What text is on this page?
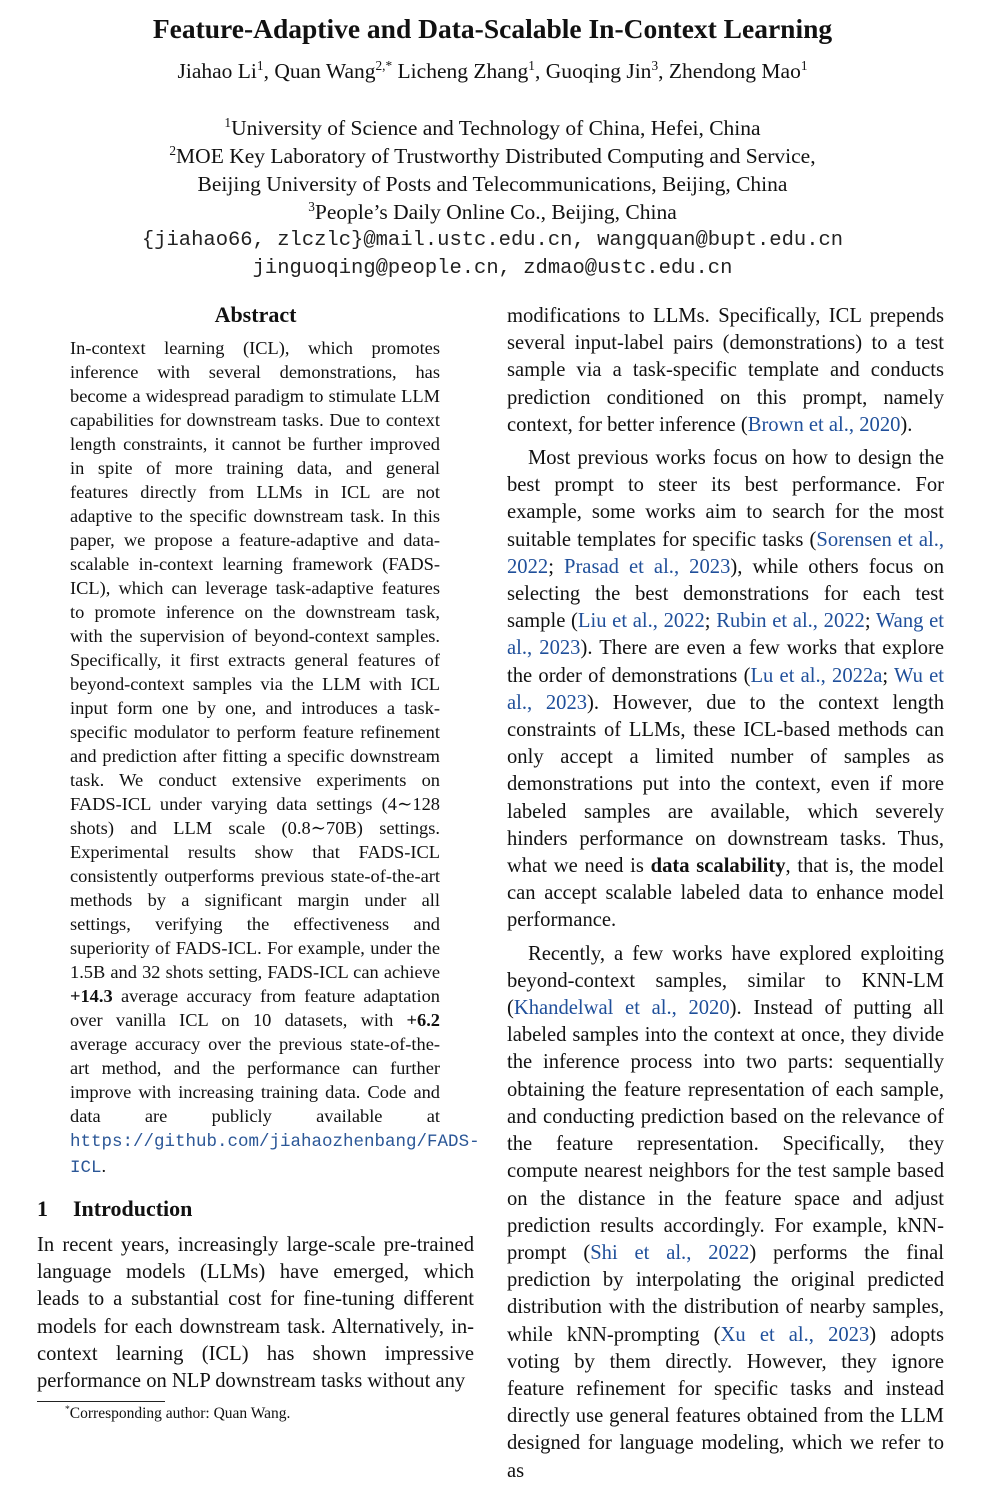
Feature-Adaptive and Data-Scalable In-Context Learning
Jiahao Li$^1$, Quan Wang$^{2,*}$ Licheng Zhang$^1$, Guoqing Jin$^3$, Zhendong Mao$^1$
$^1$University of Science and Technology of China, Hefei, China
$^2$MOE Key Laboratory of Trustworthy Distributed Computing and Service,
Beijing University of Posts and Telecommunications, Beijing, China
$^3$People’s Daily Online Co., Beijing, China
{jiahao66, zlczlc}@mail.ustc.edu.cn, wangquan@bupt.edu.cn
jinguoqing@people.cn, zdmao@ustc.edu.cn
Abstract

In-context learning (ICL), which promotes inference with several demonstrations, has become a widespread paradigm to stimulate LLM capabilities for downstream tasks. Due to context length constraints, it cannot be further improved in spite of more training data, and general features directly from LLMs in ICL are not adaptive to the specific downstream task. In this paper, we propose a feature-adaptive and data-scalable in-context learning framework (FADS-ICL), which can leverage task-adaptive features to promote inference on the downstream task, with the supervision of beyond-context samples. Specifically, it first extracts general features of beyond-context samples via the LLM with ICL input form one by one, and introduces a task-specific modulator to perform feature refinement and prediction after fitting a specific downstream task. We conduct extensive experiments on FADS-ICL under varying data settings (4∼128 shots) and LLM scale (0.8∼70B) settings. Experimental results show that FADS-ICL consistently outperforms previous state-of-the-art methods by a significant margin under all settings, verifying the effectiveness and superiority of FADS-ICL. For example, under the 1.5B and 32 shots setting, FADS-ICL can achieve +14.3 average accuracy from feature adaptation over vanilla ICL on 10 datasets, with +6.2 average accuracy over the previous state-of-the-art method, and the performance can further improve with increasing training data. Code and data are publicly available at https://github.com/jiahaozhenbang/FADS-ICL.

1 Introduction

In recent years, increasingly large-scale pre-trained language models (LLMs) have emerged, which leads to a substantial cost for fine-tuning different models for each downstream task. Alternatively, in-context learning (ICL) has shown impressive performance on NLP downstream tasks without any

modifications to LLMs. Specifically, ICL prepends several input-label pairs (demonstrations) to a test sample via a task-specific template and conducts prediction conditioned on this prompt, namely context, for better inference (Brown et al., 2020).

Most previous works focus on how to design the best prompt to steer its best performance. For example, some works aim to search for the most suitable templates for specific tasks (Sorensen et al., 2022; Prasad et al., 2023), while others focus on selecting the best demonstrations for each test sample (Liu et al., 2022; Rubin et al., 2022; Wang et al., 2023). There are even a few works that explore the order of demonstrations (Lu et al., 2022a; Wu et al., 2023). However, due to the context length constraints of LLMs, these ICL-based methods can only accept a limited number of samples as demonstrations put into the context, even if more labeled samples are available, which severely hinders performance on downstream tasks. Thus, what we need is data scalability, that is, the model can accept scalable labeled data to enhance model performance.

Recently, a few works have explored exploiting beyond-context samples, similar to KNN-LM (Khandelwal et al., 2020). Instead of putting all labeled samples into the context at once, they divide the inference process into two parts: sequentially obtaining the feature representation of each sample, and conducting prediction based on the relevance of the feature representation. Specifically, they compute nearest neighbors for the test sample based on the distance in the feature space and adjust prediction results accordingly. For example, kNN-prompt (Shi et al., 2022) performs the final prediction by interpolating the original predicted distribution with the distribution of nearby samples, while kNN-prompting (Xu et al., 2023) adopts voting by them directly. However, they ignore feature refinement for specific tasks and instead directly use general features obtained from the LLM designed for language modeling, which we refer to as

*Corresponding author: Quan Wang.
